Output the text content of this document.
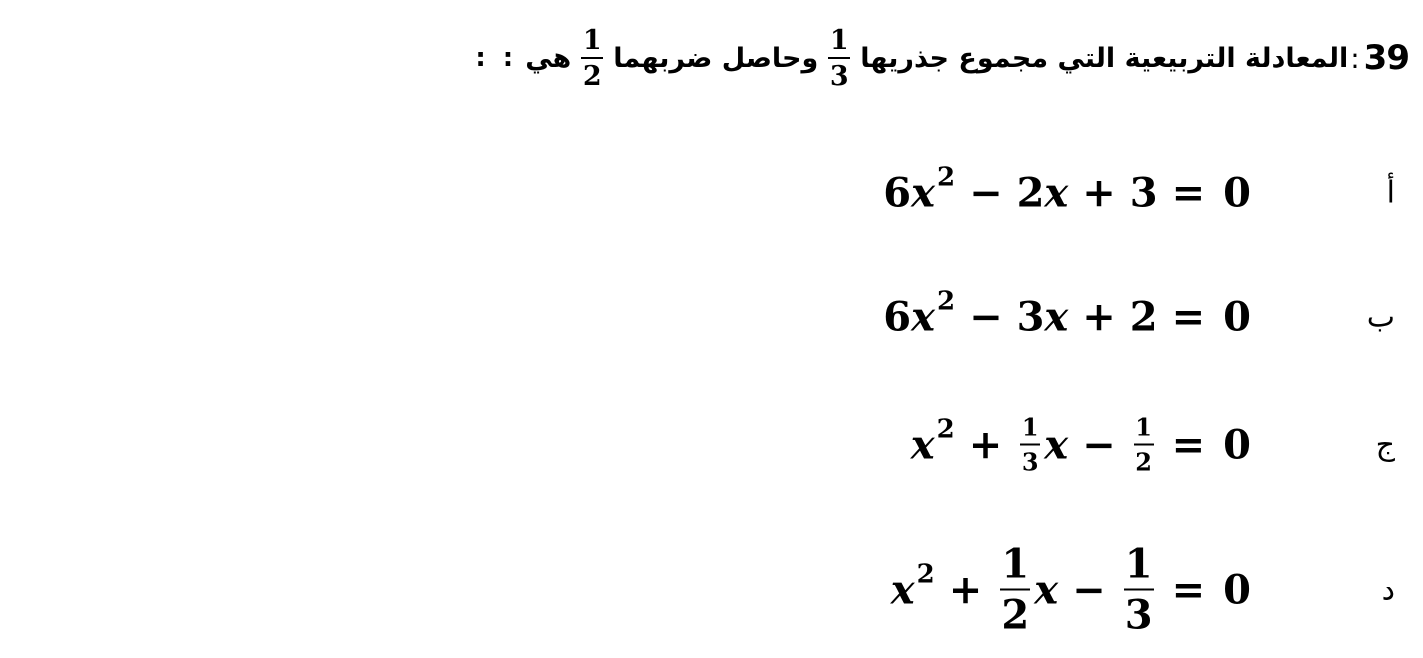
39
:
المعادلة التربيعية التي مجموع جذريها
$\frac{1}{3}$
وحاصل ضربهما
$\frac{1}{2}$
هي
: :
أ
6 x 2 − 2 x + 3 = 0
ب
6 x 2 − 3 x + 2 = 0
ج
x $2 + \frac{1}{3}$ $x - \frac{1}{2} = 0$
د
x $2 + \frac{1}{2}$ $x - \frac{1}{3} = 0$
